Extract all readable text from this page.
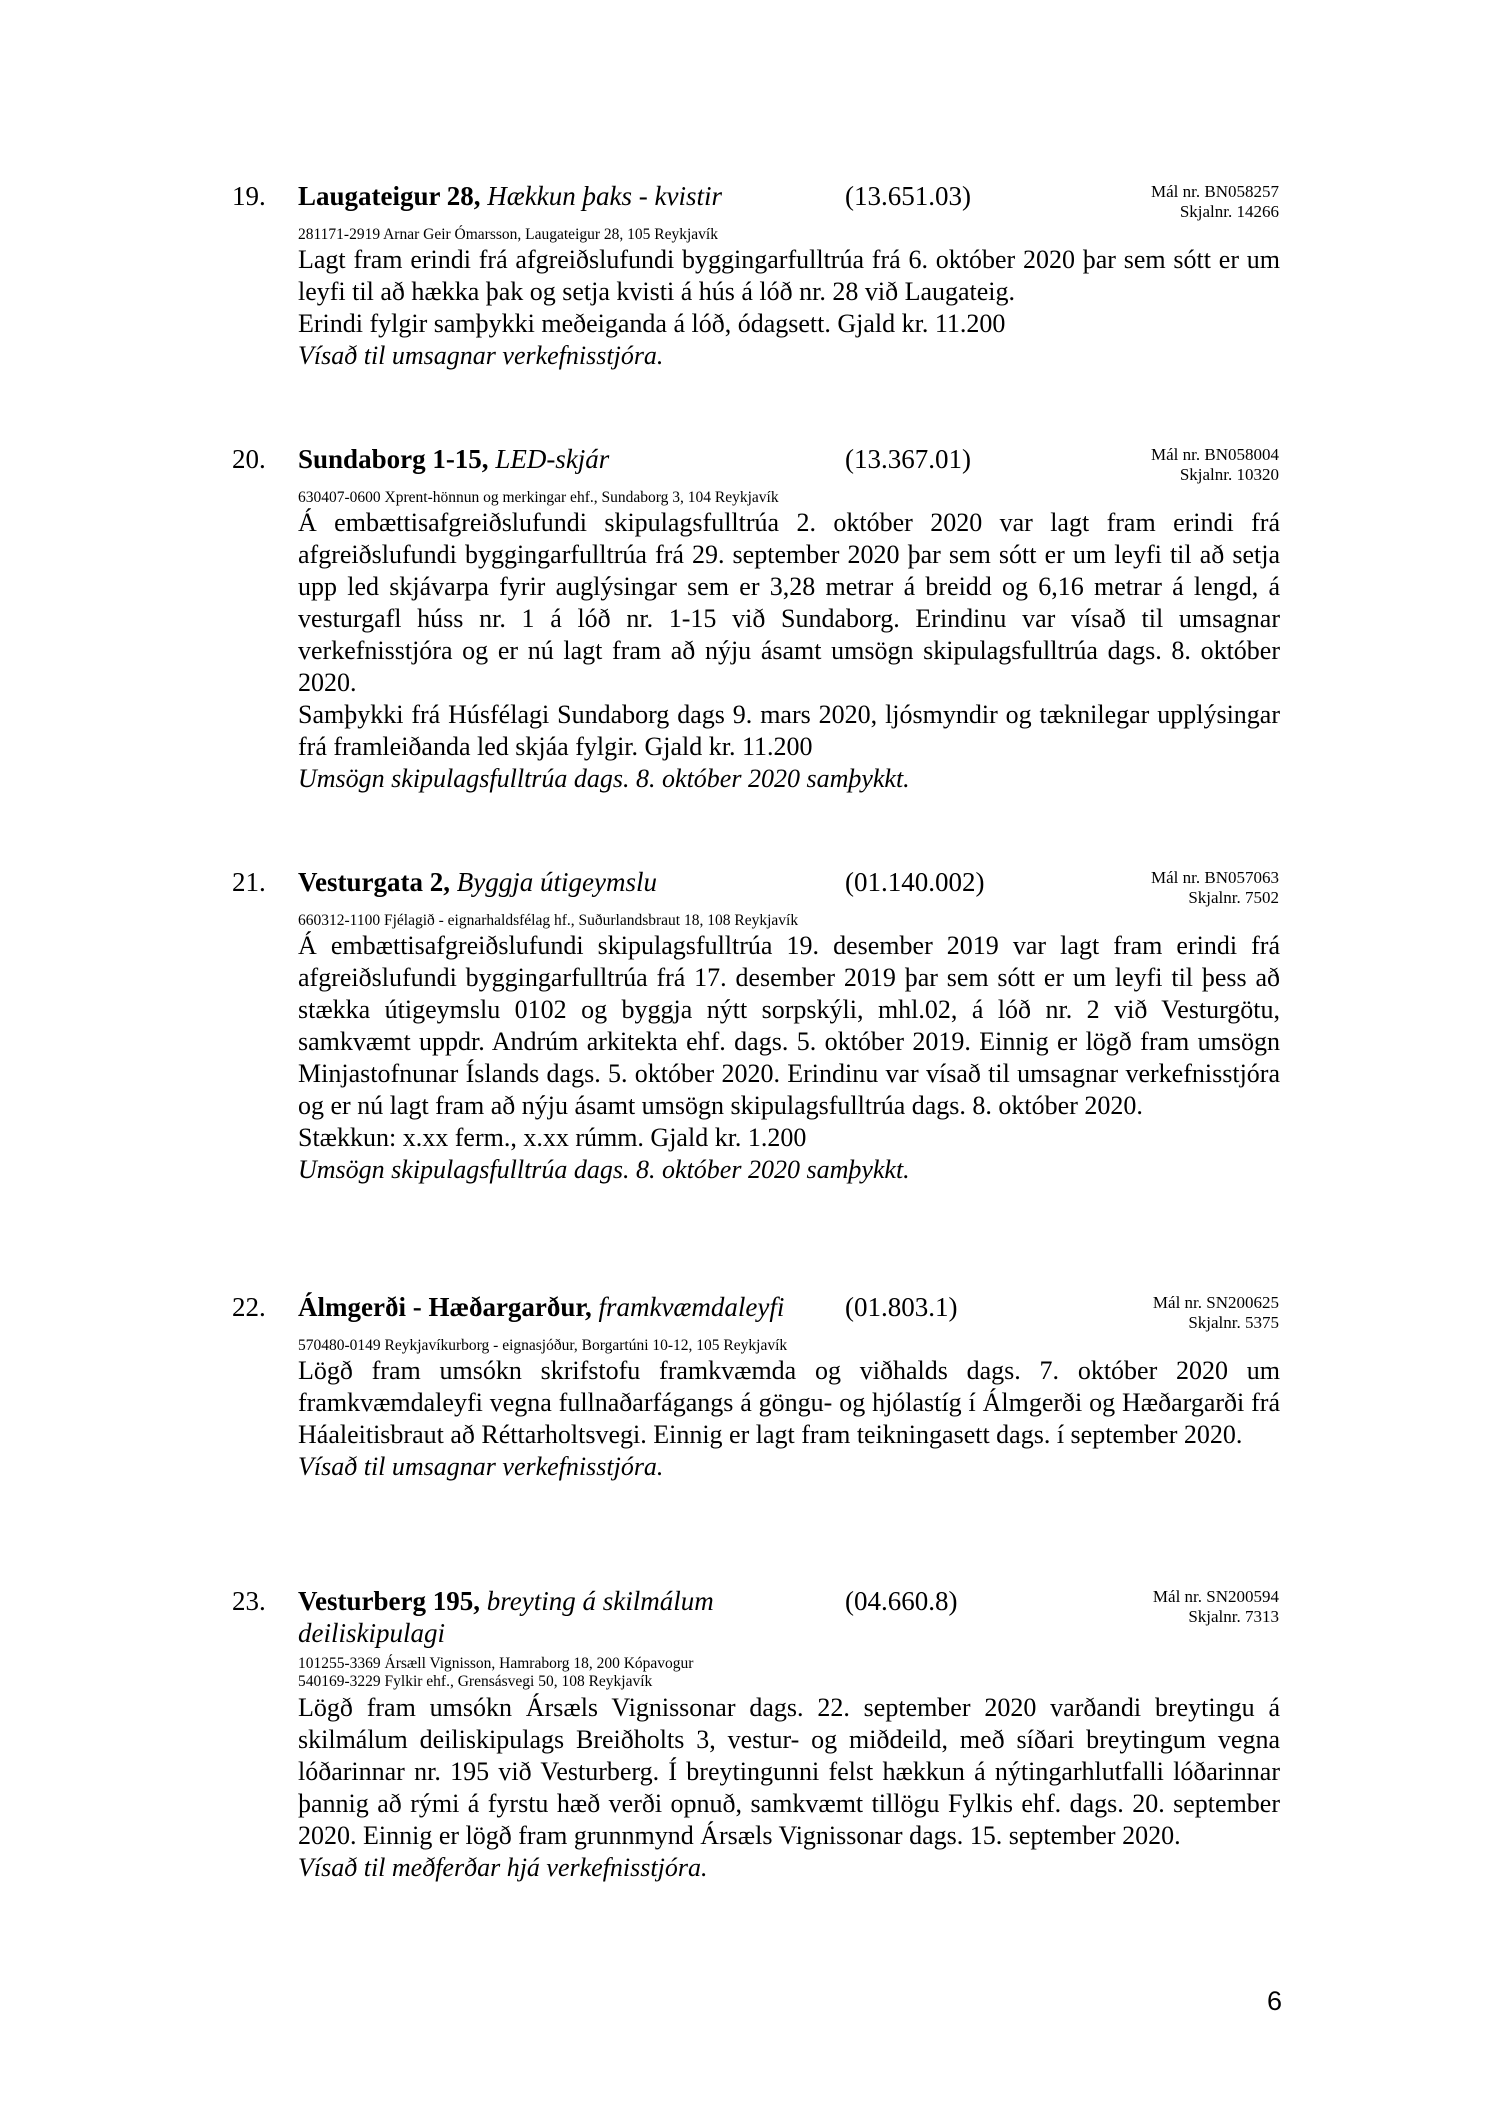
19. Laugateigur 28, Hækkun þaks - kvistir	(13.651.03)	Mál nr. BN058257
Skjalnr. 14266
281171-2919 Arnar Geir Ómarsson, Laugateigur 28, 105 Reykjavík

Lagt fram erindi frá afgreiðslufundi byggingarfulltrúa frá 6. október 2020 þar sem sótt er um leyfi til að hækka þak og setja kvisti á hús á lóð nr. 28 við Laugateig.

Erindi fylgir samþykki meðeiganda á lóð, ódagsett. Gjald kr. 11.200

Vísað til umsagnar verkefnisstjóra.

20. Sundaborg 1-15, LED-skjár	(13.367.01)	Mál nr. BN058004
Skjalnr. 10320
630407-0600 Xprent-hönnun og merkingar ehf., Sundaborg 3, 104 Reykjavík

Á embættisafgreiðslufundi skipulagsfulltrúa 2. október 2020 var lagt fram erindi frá afgreiðslufundi byggingarfulltrúa frá 29. september 2020 þar sem sótt er um leyfi til að setja upp led skjávarpa fyrir auglýsingar sem er 3,28 metrar á breidd og 6,16 metrar á lengd, á vesturgafl húss nr. 1 á lóð nr. 1-15 við Sundaborg. Erindinu var vísað til umsagnar verkefnisstjóra og er nú lagt fram að nýju ásamt umsögn skipulagsfulltrúa dags. 8. október 2020.

Samþykki frá Húsfélagi Sundaborg dags 9. mars 2020, ljósmyndir og tæknilegar upplýsingar frá framleiðanda led skjáa fylgir. Gjald kr. 11.200

Umsögn skipulagsfulltrúa dags. 8. október 2020 samþykkt.

21. Vesturgata 2, Byggja útigeymslu	(01.140.002)	Mál nr. BN057063
Skjalnr. 7502
660312-1100 Fjélagið - eignarhaldsfélag hf., Suðurlandsbraut 18, 108 Reykjavík

Á embættisafgreiðslufundi skipulagsfulltrúa 19. desember 2019 var lagt fram erindi frá afgreiðslufundi byggingarfulltrúa frá 17. desember 2019 þar sem sótt er um leyfi til þess að stækka útigeymslu 0102 og byggja nýtt sorpskýli, mhl.02, á lóð nr. 2 við Vesturgötu, samkvæmt uppdr. Andrúm arkitekta ehf. dags. 5. október 2019. Einnig er lögð fram umsögn Minjastofnunar Íslands dags. 5. október 2020. Erindinu var vísað til umsagnar verkefnisstjóra og er nú lagt fram að nýju ásamt umsögn skipulagsfulltrúa dags. 8. október 2020.

Stækkun: x.xx ferm., x.xx rúmm. Gjald kr. 1.200

Umsögn skipulagsfulltrúa dags. 8. október 2020 samþykkt.

22. Álmgerði - Hæðargarður, framkvæmdaleyfi	(01.803.1)	Mál nr. SN200625
Skjalnr. 5375
570480-0149 Reykjavíkurborg - eignasjóður, Borgartúni 10-12, 105 Reykjavík

Lögð fram umsókn skrifstofu framkvæmda og viðhalds dags. 7. október 2020 um framkvæmdaleyfi vegna fullnaðarfágangs á göngu- og hjólastíg í Álmgerði og Hæðargarði frá Háaleitisbraut að Réttarholtsvegi. Einnig er lagt fram teikningasett dags. í september 2020.

Vísað til umsagnar verkefnisstjóra.

23. Vesturberg 195, breyting á skilmálum deiliskipulagi
(04.660.8)	Mál nr. SN200594
Skjalnr. 7313
101255-3369 Ársæll Vignisson, Hamraborg 18, 200 Kópavogur
540169-3229 Fylkir ehf., Grensásvegi 50, 108 Reykjavík

Lögð fram umsókn Ársæls Vignissonar dags. 22. september 2020 varðandi breytingu á skilmálum deiliskipulags Breiðholts 3, vestur- og miðdeild, með síðari breytingum vegna lóðarinnar nr. 195 við Vesturberg. Í breytingunni felst hækkun á nýtingarhlutfalli lóðarinnar þannig að rými á fyrstu hæð verði opnuð, samkvæmt tillögu Fylkis ehf. dags. 20. september 2020. Einnig er lögð fram grunnmynd Ársæls Vignissonar dags. 15. september 2020.

Vísað til meðferðar hjá verkefnisstjóra.

6
